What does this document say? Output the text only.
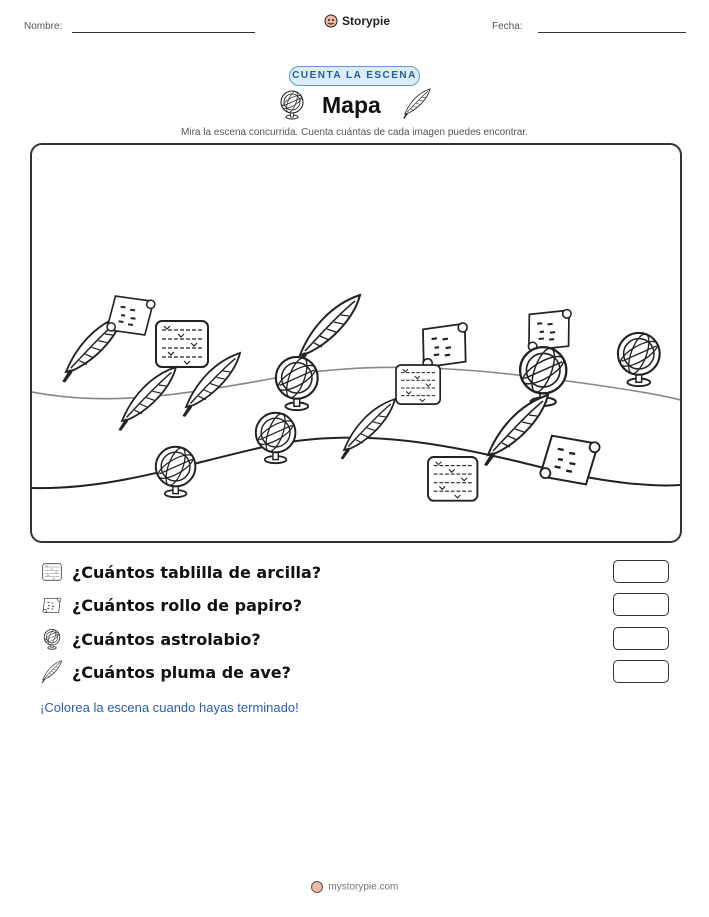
Nombre:	Storypie	Fecha:
CUENTA LA ESCENA
Mapa
Mira la escena concurrida. Cuenta cuántas de cada imagen puedes encontrar.
¿Cuántos tablilla de arcilla?
¿Cuántos rollo de papiro?
¿Cuántos astrolabio?
¿Cuántos pluma de ave?
¡Colorea la escena cuando hayas terminado!
mystorypie.com
